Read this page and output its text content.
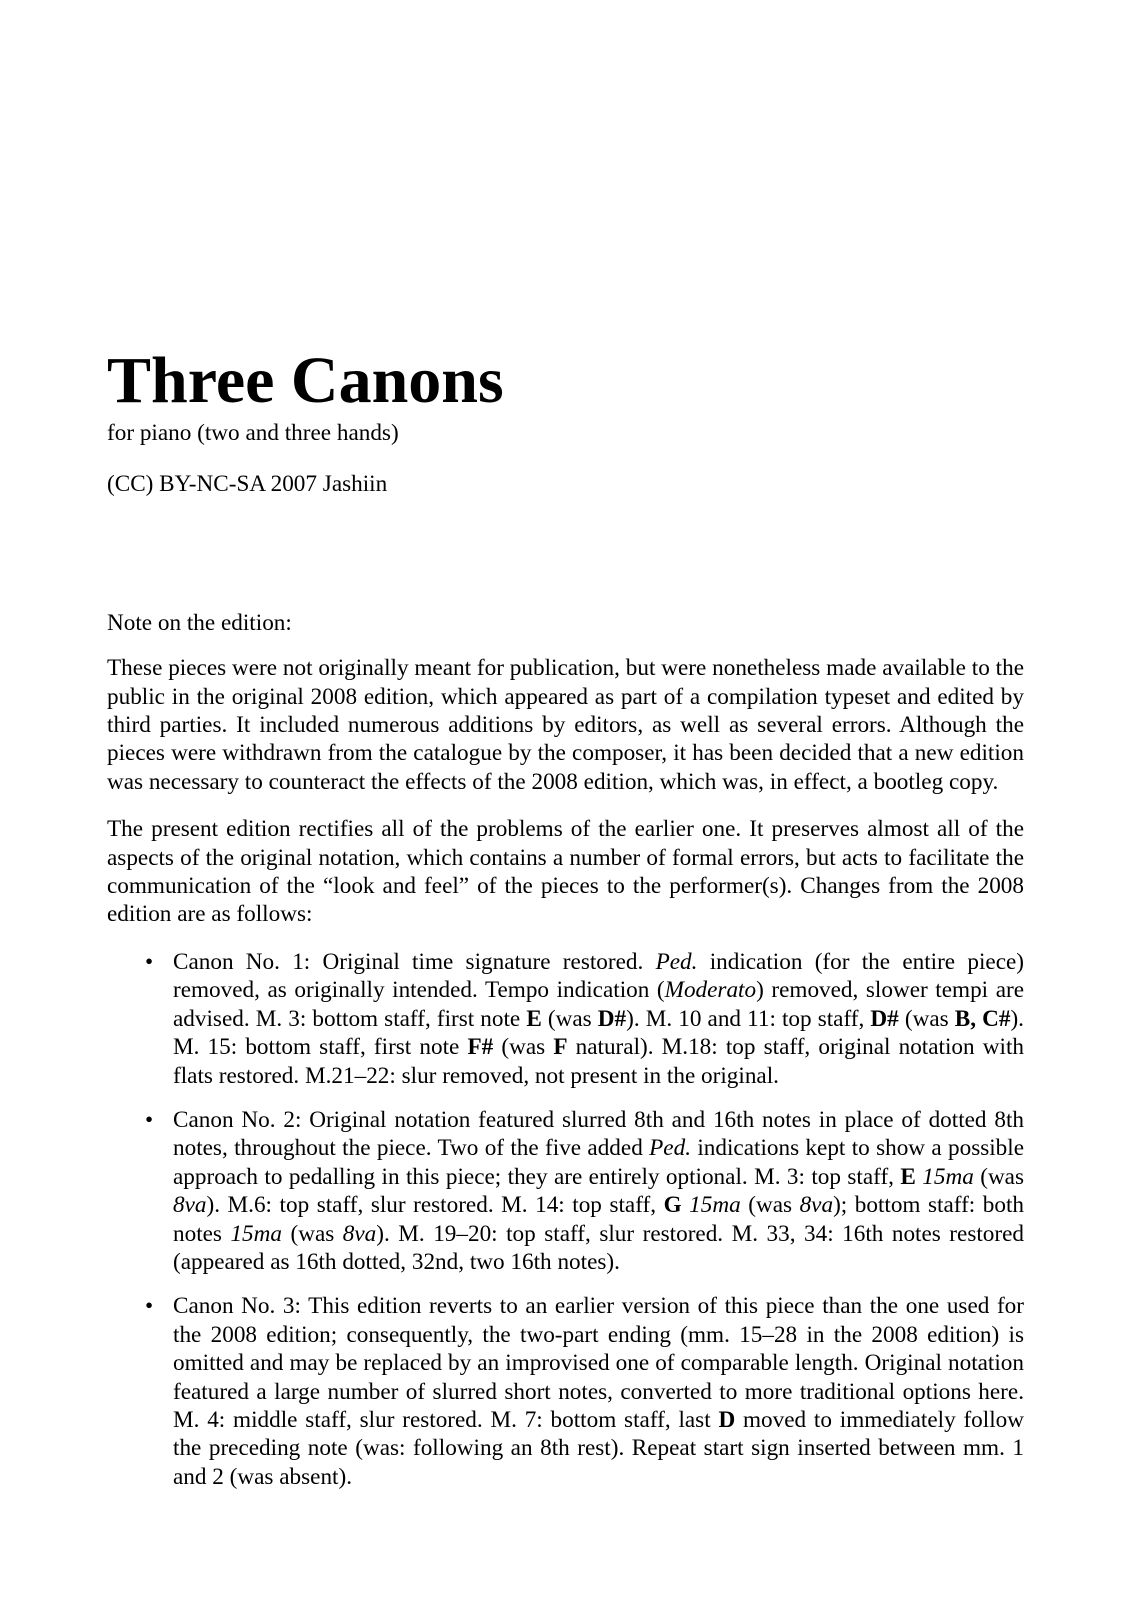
Three Canons
for piano (two and three hands)
(CC) BY-NC-SA 2007 Jashiin
Note on the edition:

These pieces were not originally meant for publication, but were nonetheless made available to the public in the original 2008 edition, which appeared as part of a compilation typeset and edited by third parties. It included numerous additions by editors, as well as several errors. Although the pieces were withdrawn from the catalogue by the composer, it has been decided that a new edition was necessary to counteract the effects of the 2008 edition, which was, in effect, a bootleg copy.

The present edition rectifies all of the problems of the earlier one. It preserves almost all of the aspects of the original notation, which contains a number of formal errors, but acts to facilitate the communication of the “look and feel” of the pieces to the performer(s). Changes from the 2008 edition are as follows:

• Canon No. 1: Original time signature restored. Ped. indication (for the entire piece) removed, as originally intended. Tempo indication (Moderato) removed, slower tempi are advised. M. 3: bottom staff, first note E (was D#). M. 10 and 11: top staff, D# (was B, C#). M. 15: bottom staff, first note F# (was F natural). M.18: top staff, original notation with flats restored. M.21–22: slur removed, not present in the original.
• Canon No. 2: Original notation featured slurred 8th and 16th notes in place of dotted 8th notes, throughout the piece. Two of the five added Ped. indications kept to show a possible approach to pedalling in this piece; they are entirely optional. M. 3: top staff, E 15ma (was 8va). M.6: top staff, slur restored. M. 14: top staff, G 15ma (was 8va); bottom staff: both notes 15ma (was 8va). M. 19–20: top staff, slur restored. M. 33, 34: 16th notes restored (appeared as 16th dotted, 32nd, two 16th notes).
• Canon No. 3: This edition reverts to an earlier version of this piece than the one used for the 2008 edition; consequently, the two-part ending (mm. 15–28 in the 2008 edition) is omitted and may be replaced by an improvised one of comparable length. Original notation featured a large number of slurred short notes, converted to more traditional options here. M. 4: middle staff, slur restored. M. 7: bottom staff, last D moved to immediately follow the preceding note (was: following an 8th rest). Repeat start sign inserted between mm. 1 and 2 (was absent).
